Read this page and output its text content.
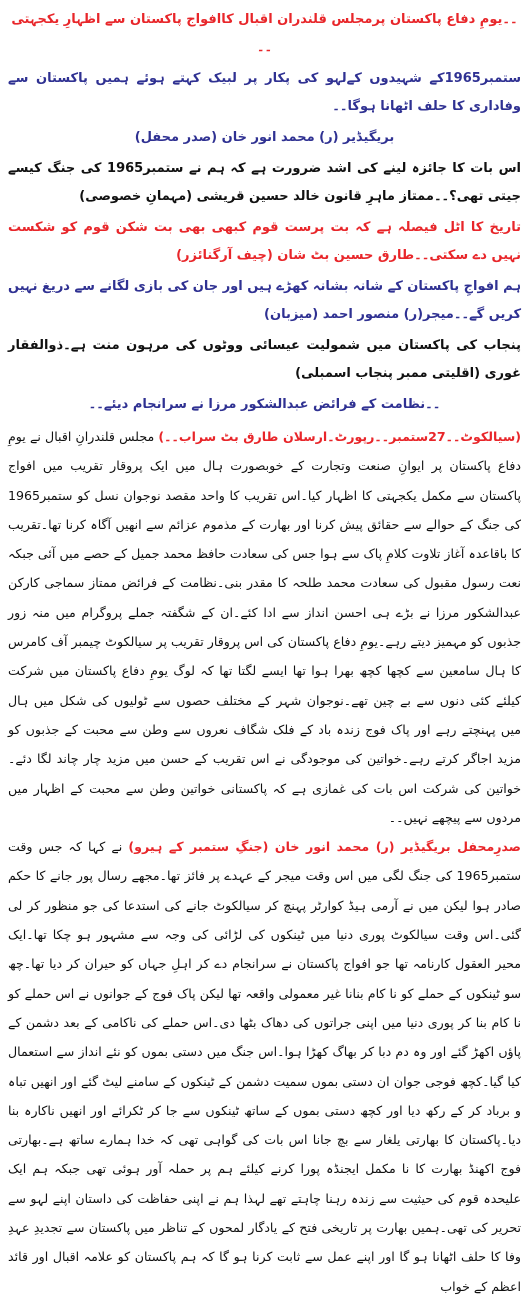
۔۔یومِ دفاع پاکستان پرمجلس قلندران اقبال کاافواج پاکستان سے اظہارِ یکجہتی ۔۔

ستمبر1965کے شہیدوں کےلہو کی پکار پر لبیک کہتے ہوئے ہمیں پاکستان سے وفاداری کا حلف اٹھانا ہوگا۔۔

بریگیڈیر (ر) محمد انور خان (صدر محفل)

اس بات کا جائزہ لینے کی اشد ضرورت ہے کہ ہم نے ستمبر1965 کی جنگ کیسے جیتی تھی؟۔۔ممتاز ماہرِ قانون خالد حسین قریشی (مہمانِ خصوصی)

تاریخ کا اٹل فیصلہ ہے کہ بت پرست قوم کبھی بھی بت شکن قوم کو شکست نہیں دے سکتی۔۔طارق حسین بٹ شان (چیف آرگنائزر)

ہم افواجِ پاکستان کے شانہ بشانہ کھڑے ہیں اور جان کی بازی لگانے سے دریغ نہیں کریں گے۔۔میجر(ر) منصور احمد (میزبان)

پنجاب کی پاکستان میں شمولیت عیسائی ووٹوں کی مرہون منت ہے۔ذوالفقار غوری (اقلیتی ممبر پنجاب اسمبلی)

۔۔نظامت کے فرائض عبدالشکور مرزا نے سرانجام دیئے۔۔

(سیالکوٹ۔۔27ستمبر۔۔رپورٹ۔ارسلان طارق بٹ سراب۔۔) مجلس قلندرانِ اقبال نے یومِ دفاع پاکستان پر ایوانِ صنعت وتجارت کے خوبصورت ہال میں ایک پروقار تقریب میں افواج پاکستان سے مکمل یکجہتی کا اظہار کیا۔اس تقریب کا واحد مقصد نوجوان نسل کو ستمبر1965 کی جنگ کے حوالے سے حقائق پیش کرنا اور بھارت کے مذموم عزائم سے انھیں آگاہ کرنا تھا۔تقریب کا باقاعدہ آغاز تلاوت کلامِ پاک سے ہوا جس کی سعادت حافظ محمد جمیل کے حصے میں آئی جبکہ نعت رسول مقبول کی سعادت محمد طلحہ کا مقدر بنی۔نظامت کے فرائض ممتاز سماجی کارکن عبدالشکور مرزا نے بڑے ہی احسن انداز سے ادا کئے۔ان کے شگفتہ جملے پروگرام میں منہ زور جذبوں کو مہمیز دیتے رہے۔یومِ دفاع پاکستان کی اس پروقار تقریب پر سیالکوٹ چیمبر آف کامرس کا ہال سامعین سے کچھا کچھ بھرا ہوا تھا ایسے لگتا تھا کہ لوگ یومِ دفاع پاکستان میں شرکت کیلئے کئی دنوں سے بے چین تھے۔نوجوان شہر کے مختلف حصوں سے ٹولیوں کی شکل میں ہال میں پہنچتے رہے اور پاک فوج زندہ باد کے فلک شگاف نعروں سے وطن سے محبت کے جذبوں کو مزید اجاگر کرتے رہے۔خواتین کی موجودگی نے اس تقریب کے حسن میں مزید چار چاند لگا دئے۔خواتین کی شرکت اس بات کی غمازی ہے کہ پاکستانی خواتین وطن سے محبت کے اظہار میں مردوں سے پیچھے نہیں۔۔

صدرِمحفل بریگیڈیر (ر) محمد انور خان (جنگِ ستمبر کے ہیرو) نے کہا کہ جس وقت ستمبر1965 کی جنگ لگی میں اس وقت میجر کے عہدے پر فائز تھا۔مجھے رسال پور جانے کا حکم صادر ہوا لیکن میں نے آرمی ہیڈ کوارٹر پہنچ کر سیالکوٹ جانے کی استدعا کی جو منظور کر لی گئی۔اس وقت سیالکوٹ پوری دنیا میں ٹینکوں کی لڑائی کی وجہ سے مشہور ہو چکا تھا۔ایک محیر العقول کارنامہ تھا جو افواج پاکستان نے سرانجام دے کر اہلِ جہاں کو حیران کر دیا تھا۔چھ سو ٹینکوں کے حملے کو نا کام بنانا غیر معمولی واقعہ تھا لیکن پاک فوج کے جوانوں نے اس حملے کو نا کام بنا کر پوری دنیا میں اپنی جراتوں کی دھاک بٹھا دی۔اس حملے کی ناکامی کے بعد دشمن کے پاؤں اکھڑ گئے اور وہ دم دبا کر بھاگ کھڑا ہوا۔اس جنگ میں دستی بموں کو نئے انداز سے استعمال کیا گیا۔کچھ فوجی جوان ان دستی بموں سمیت دشمن کے ٹینکوں کے سامنے لیٹ گئے اور انھیں تباہ و برباد کر کے رکھ دیا اور کچھ دستی بموں کے ساتھ ٹینکوں سے جا کر ٹکرائے اور انھیں ناکارہ بنا دیا۔پاکستان کا بھارتی یلغار سے بچ جانا اس بات کی گواہی تھی کہ خدا ہمارے ساتھ ہے۔بھارتی فوج اکھنڈ بھارت کا نا مکمل ایجنڈہ پورا کرنے کیلئے ہم پر حملہ آور ہوئی تھی جبکہ ہم ایک علیحدہ قوم کی حیثیت سے زندہ رہنا چاہتے تھے لہذا ہم نے اپنی حفاظت کی داستان اپنے لہو سے تحریر کی تھی۔ہمیں بھارت پر تاریخی فتح کے یادگار لمحوں کے تناظر میں پاکستان سے تجدیدِ عہدِ وفا کا حلف اٹھانا ہو گا اور اپنے عمل سے ثابت کرنا ہو گا کہ ہم پاکستان کو علامہ اقبال اور قائد اعظم کے خواب
